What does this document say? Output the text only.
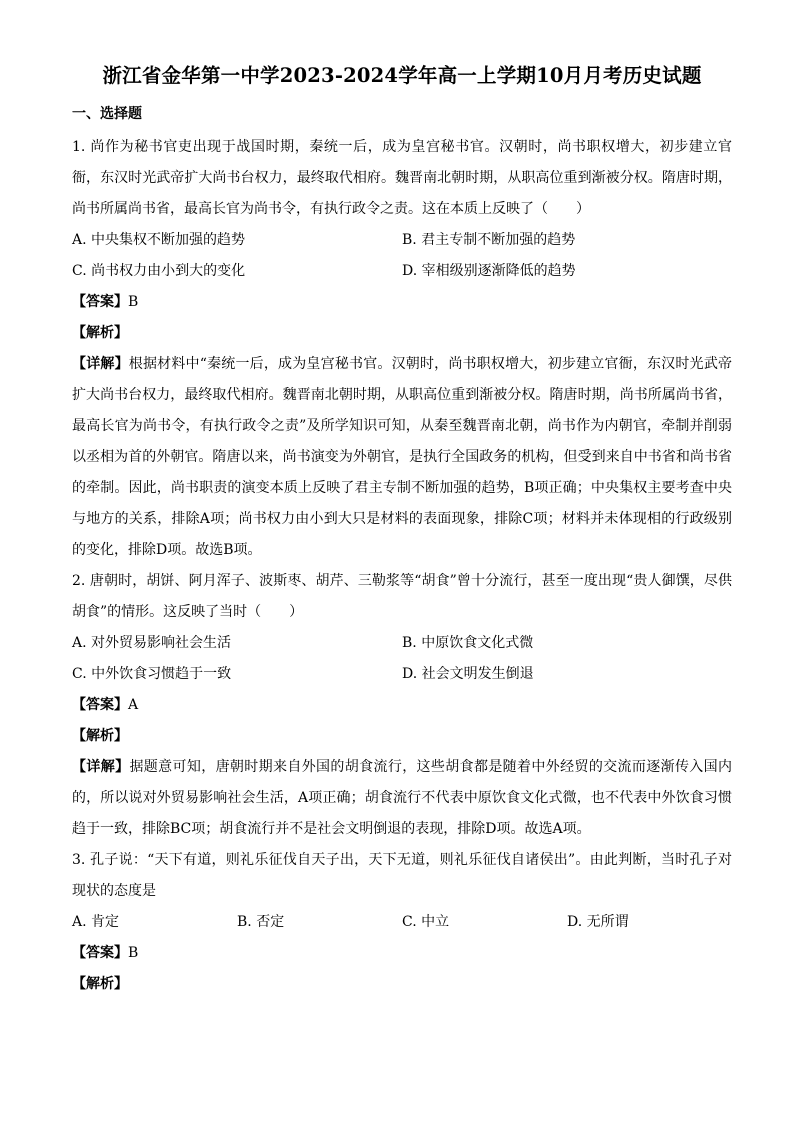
浙江省金华第一中学2023-2024学年高一上学期10月月考历史试题
一、选择题

1. 尚作为秘书官吏出现于战国时期，秦统一后，成为皇宫秘书官。汉朝时，尚书职权增大，初步建立官衙，东汉时光武帝扩大尚书台权力，最终取代相府。魏晋南北朝时期，从职高位重到渐被分权。隋唐时期，尚书所属尚书省，最高长官为尚书令，有执行政令之责。这在本质上反映了（　　）

A. 中央集权不断加强的趋势	B. 君主专制不断加强的趋势
C. 尚书权力由小到大的变化	D. 宰相级别逐渐降低的趋势

【答案】B

【解析】

【详解】根据材料中“秦统一后，成为皇宫秘书官。汉朝时，尚书职权增大，初步建立官衙，东汉时光武帝扩大尚书台权力，最终取代相府。魏晋南北朝时期，从职高位重到渐被分权。隋唐时期，尚书所属尚书省，最高长官为尚书令，有执行政令之责”及所学知识可知，从秦至魏晋南北朝，尚书作为内朝官，牵制并削弱以丞相为首的外朝官。隋唐以来，尚书演变为外朝官，是执行全国政务的机构，但受到来自中书省和尚书省的牵制。因此，尚书职责的演变本质上反映了君主专制不断加强的趋势，B项正确；中央集权主要考查中央与地方的关系，排除A项；尚书权力由小到大只是材料的表面现象，排除C项；材料并未体现相的行政级别的变化，排除D项。故选B项。

2. 唐朝时，胡饼、阿月浑子、波斯枣、胡芹、三勒浆等“胡食”曾十分流行，甚至一度出现“贵人御馔，尽供胡食”的情形。这反映了当时（　　）

A. 对外贸易影响社会生活	B. 中原饮食文化式微
C. 中外饮食习惯趋于一致	D. 社会文明发生倒退

【答案】A

【解析】

【详解】据题意可知，唐朝时期来自外国的胡食流行，这些胡食都是随着中外经贸的交流而逐渐传入国内的，所以说对外贸易影响社会生活，A项正确；胡食流行不代表中原饮食文化式微，也不代表中外饮食习惯趋于一致，排除BC项；胡食流行并不是社会文明倒退的表现，排除D项。故选A项。

3. 孔子说：“天下有道，则礼乐征伐自天子出，天下无道，则礼乐征伐自诸侯出”。由此判断，当时孔子对现状的态度是

A. 肯定	B. 否定	C. 中立	D. 无所谓

【答案】B

【解析】
